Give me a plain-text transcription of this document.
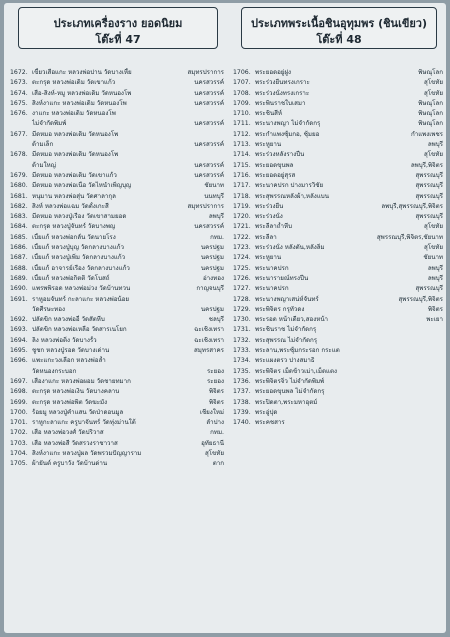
ประเภทเครื่องราง ยอดนิยม
โต๊ะที่ 47
1672. เขี้ยวเสือแกะ หลวงพ่อปาน วัดบางเหี้ย	สมุทรปราการ
1673. ตะกรุด หลวงพ่อเดิม วัดเขาแก้ว	นครสวรรค์
1674. เสือ-สิงห์-หมู หลวงพ่อเดิม วัดหนองโพ	นครสวรรค์
1675. สิงห์งาแกะ หลวงพ่อเดิม วัดหนองโพ	นครสวรรค์
1676. งาแกะ หลวงพ่อเดิม วัดหนองโพ
ไม่จำกัดพิมพ์	นครสวรรค์
1677. มีดหมอ หลวงพ่อเดิม วัดหนองโพ
ด้ามเล็ก	นครสวรรค์
1678. มีดหมอ หลวงพ่อเดิม วัดหนองโพ
ด้ามใหญ่	นครสวรรค์
1679. มีดหมอ หลวงพ่อเดิม วัดเขาแก้ว	นครสวรรค์
1680. มีดหมอ หลวงพ่อเนื่อ วัดไหนำเพิ่ญบุญ	ชัยนาท
1681. หนุมาน หลวงพ่อสุ่น วัดศาลากุล	นนทบุรี
1682. สิงห์ หลวงพ่อแฉม วัดตั้งเกะสี	สมุทรปราการ
1683. มีดหมอ หลวงปู่เรือง วัดเขาสามยอด	ลพบุรี
1684. ตะกรุด หลวงปู่จันทร์ วัดบางพญ	นครสวรรค์
1685. เบี้ยแก้ หลวงพ่อกลั่น วัดนายโรง	กทม.
1686. เบี้ยแก้ หลวงปู่บุญ วัดกลางบางแก้ว	นครปฐม
1687. เบี้ยแก้ หลวงปู่เพิ่ม วัดกลางบางแก้ว	นครปฐม
1688. เบี้ยแก้ อาจารย์เรือง วัดกลางบางแก้ว	นครปฐม
1689. เบี้ยแก้ หลวงพ่อกิตติ วัดโบสถ์	อ่างทอง
1690. แพรพพิรอด หลวงพ่อม่วง วัดบ้านทวน	กาญจนบุรี
1691. ราหูอมจันทร์ กะลาแกะ หลวงพ่อน้อย
วัดศีรษะทอง	นครปฐม
1692. ปลัดขิก หลวงพ่ออี๋ วัดสัตหีบ	ชลบุรี
1693. ปลัดขิก หลวงพ่อเหลือ วัดสารเนโยก	ฉะเชิงเทรา
1694. ลิง หลวงพ่อติ่ง วัดบางรั้ว	ฉะเชิงเทรา
1695. ชูชก หลวงปู่รอด วัดบางเด่าน	สมุทรสาคร
1696. แพะแกะวงเลือก หลวงพ่อล้ำ
วัดหนองกระบอก	ระยอง
1697. เสืองาแกะ หลวงพ่อผอม วัดชายทมาก	ระยอง
1698. ตะกรุด หลวงพ่อเงิน วัดบางคลาน	พิจิตร
1699. ตะกรุด หลวงพ่อพิต วัดฆะมัง	พิจิตร
1700. ร้อยมู หลวงปู่คำแสน วัดป่าดอนมูล	เชียงใหม่
1701. ราหูกะลาแกะ ครูบาจันทร์ วัดทุ่งม่านใต้	ลำปาง
1702. เสือ หลวงพ่อวงศ์ วัดปริวาส	กทม.
1703. เสือ หลวงพ่อสี วัดสรวงราชาวาส	อุทัยธานี
1704. สิงห์งาแกะ หลวงปู่ผล วัดพรวมปัญญาราม	สุโขทัย
1705. ผ้ายันต์ ครูบาวัง วัดบ้านด่าน	ตาก
ประเภทพระเนื้อชินอุทุมพร (ชินเขียว)
โต๊ะที่ 48
1706. พระยอดอยู่ฝูง	พิษณุโลก
1707. พระร่วงยืนทรงเกราะ	สุโขทัย
1708. พระร่วงนั่งทรงเกราะ	สุโขทัย
1709. พระพินราชใบเสมา	พิษณุโลก
1710. พระชินสีห์	พิษณุโลก
1711. พระนางพญา ไม่จำกัดกรุ	พิษณุโลก
1712. พระกำแพงซุ้มกอ, ซุ้มยอ	กำแพงเพชร
1713. พระหูยาน	ลพบุรี
1714. พระร่วงหลังรางปืน	สุโขทัย
1715. พระยอดขุนพล	ลพบุรี,พิจิตร
1716. พระยอดอยู่สุรส	สุพรรณบุรี
1717. พระนาคปรก ปางมารวิชัย	สุพรรณบุรี
1718. พระสุพรรณหลังผ้า,หลังแบน	สุพรรณบุรี
1719. พระร่วงยืน	ลพบุรี,สุพรรณบุรี,พิจิตร
1720. พระร่วงนั่ง	สุพรรณบุรี
1721. พระลีลาถ้ำหีบ	สุโขทัย
1722. พระลีลา	สุพรรณบุรี,พิจิตร,ชัยนาท
1723. พระร่วงนั่ง หลังตัน,หลังลิ่ม	สุโขทัย
1724. พระหูยาน	ชัยนาท
1725. พระนาคปรก	ลพบุรี
1726. พระนารายณ์ทรงปืน	ลพบุรี
1727. พระนาคปรก	สุพรรณบุรี
1728. พระนางพญาเสน่ห์จันทร์	สุพรรณบุรี,พิจิตร
1729. พระพิจิตร กรุทัวดง	พิจิตร
1730. พระรอด หน้าเดียว,สองหน้า	พะเยา
1731. พระชินราช ไม่จำกัดกรุ
1732. พระสุพรรณ ไม่จำกัดกรุ
1733. พระลาน,พระซุ้มกระรอก กระแต
1734. พระแผงตรว ปางสมาธิ
1735. พระพิจิตร เม็ดข้าวเม่า,เม็ดแตง
1736. พระพิจิตรจิ๋ว ไม่จำกัดพิมพ์
1737. พระยอดขุนพล ไม่จำกัดกรุ
1738. พระปิดตา,พระมหาอุตม์
1739. พระอู่ปุด
1740. พระคชสาร
